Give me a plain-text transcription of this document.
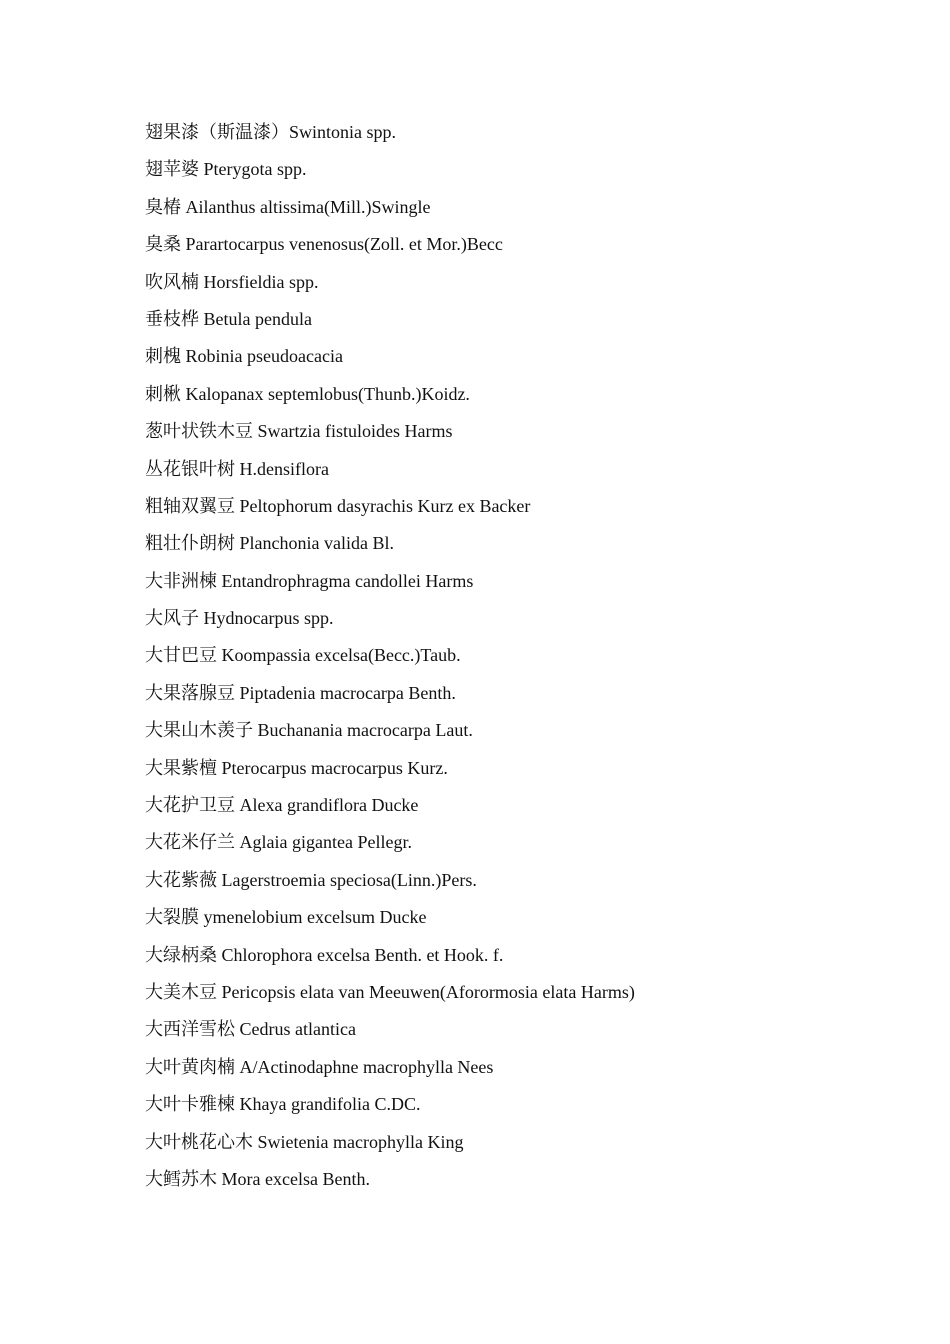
翅果漆（斯温漆）Swintonia spp.
翅苹婆 Pterygota spp.
臭椿 Ailanthus altissima(Mill.)Swingle
臭桑 Parartocarpus venenosus(Zoll. et Mor.)Becc
吹风楠 Horsfieldia spp.
垂枝桦 Betula pendula
刺槐 Robinia pseudoacacia
刺楸 Kalopanax septemlobus(Thunb.)Koidz.
葱叶状铁木豆 Swartzia fistuloides Harms
丛花银叶树 H.densiflora
粗轴双翼豆 Peltophorum dasyrachis Kurz ex Backer
粗壮仆朗树 Planchonia valida Bl.
大非洲楝 Entandrophragma candollei Harms
大风子 Hydnocarpus spp.
大甘巴豆 Koompassia excelsa(Becc.)Taub.
大果落腺豆 Piptadenia macrocarpa Benth.
大果山木羡子 Buchanania macrocarpa Laut.
大果紫檀 Pterocarpus macrocarpus Kurz.
大花护卫豆 Alexa grandiflora Ducke
大花米仔兰 Aglaia gigantea Pellegr.
大花紫薇 Lagerstroemia speciosa(Linn.)Pers.
大裂膜 ymenelobium excelsum Ducke
大绿柄桑 Chlorophora excelsa Benth. et Hook. f.
大美木豆 Pericopsis elata van Meeuwen(Aforormosia elata Harms)
大西洋雪松 Cedrus atlantica
大叶黄肉楠 A/Actinodaphne macrophylla Nees
大叶卡雅楝 Khaya grandifolia C.DC.
大叶桃花心木 Swietenia macrophylla King
大鳕苏木 Mora excelsa Benth.
